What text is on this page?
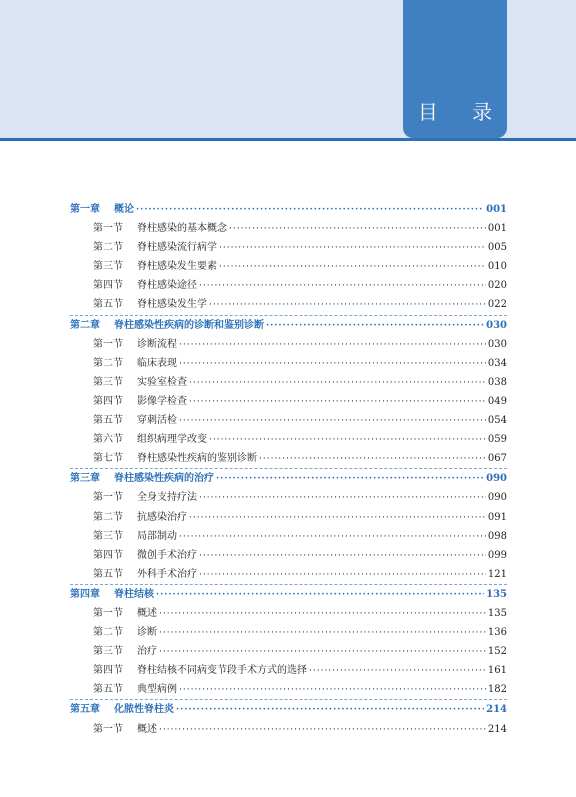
目 录
第一章 概论 ·····	001
第一节 脊柱感染的基本概念 ·····	001
第二节 脊柱感染流行病学 ·····	005
第三节 脊柱感染发生要素 ·····	010
第四节 脊柱感染途径 ·····	020
第五节 脊柱感染发生学 ·····	022
第二章 脊柱感染性疾病的诊断和鉴别诊断 ·····	030
第一节 诊断流程 ·····	030
第二节 临床表现 ·····	034
第三节 实验室检查 ·····	038
第四节 影像学检查 ·····	049
第五节 穿刺活检 ·····	054
第六节 组织病理学改变 ·····	059
第七节 脊柱感染性疾病的鉴别诊断 ·····	067
第三章 脊柱感染性疾病的治疗 ·····	090
第一节 全身支持疗法 ·····	090
第二节 抗感染治疗 ·····	091
第三节 局部制动 ·····	098
第四节 微创手术治疗 ·····	099
第五节 外科手术治疗 ·····	121
第四章 脊柱结核 ·····	135
第一节 概述 ·····	135
第二节 诊断 ·····	136
第三节 治疗 ·····	152
第四节 脊柱结核不同病变节段手术方式的选择 ·····	161
第五节 典型病例 ·····	182
第五章 化脓性脊柱炎 ·····	214
第一节 概述 ·····	214
